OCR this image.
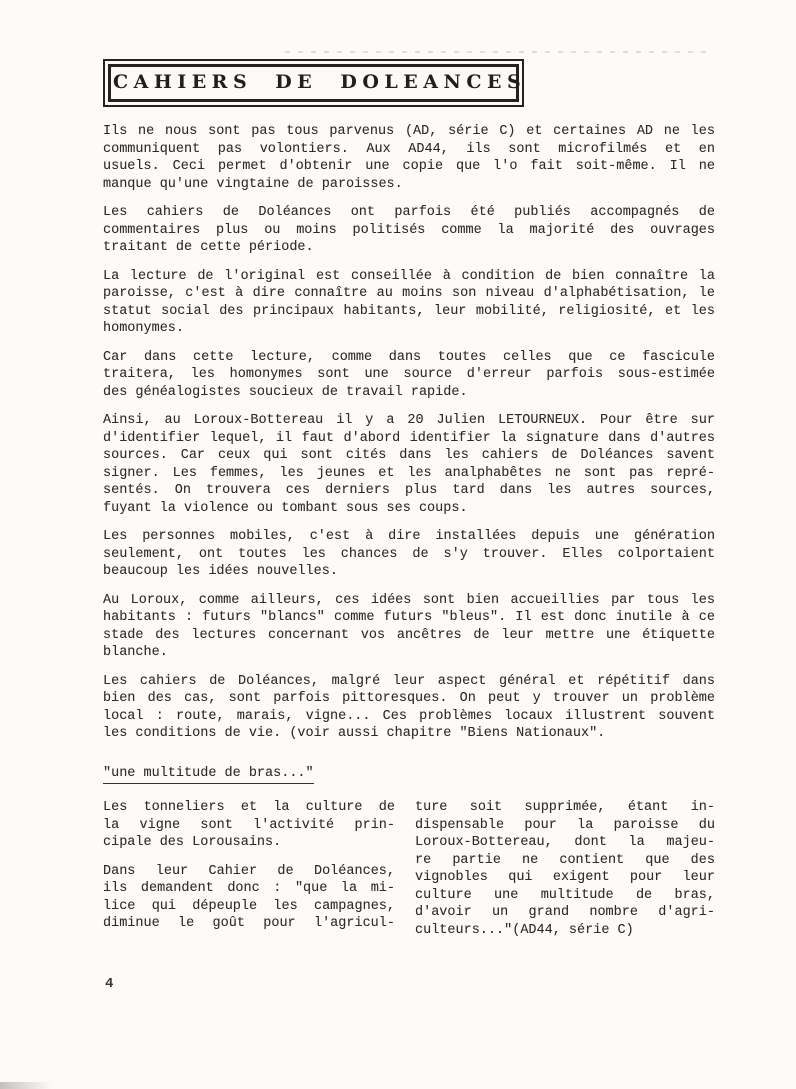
CAHIERS DE DOLEANCES
Ils ne nous sont pas tous parvenus (AD, série C) et certaines AD ne les
communiquent pas volontiers. Aux AD44, ils sont microfilmés et en
usuels. Ceci permet d'obtenir une copie que l'o fait soit-même. Il ne
manque qu'une vingtaine de paroisses.
Les cahiers de Doléances ont parfois été publiés accompagnés de
commentaires plus ou moins politisés comme la majorité des ouvrages
traitant de cette période.
La lecture de l'original est conseillée à condition de bien connaître la
paroisse, c'est à dire connaître au moins son niveau d'alphabétisation, le
statut social des principaux habitants, leur mobilité, religiosité, et les
homonymes.
Car dans cette lecture, comme dans toutes celles que ce fascicule
traitera, les homonymes sont une source d'erreur parfois sous-estimée
des généalogistes soucieux de travail rapide.
Ainsi, au Loroux-Bottereau il y a 20 Julien LETOURNEUX. Pour être sur
d'identifier lequel, il faut d'abord identifier la signature dans d'autres
sources. Car ceux qui sont cités dans les cahiers de Doléances savent
signer. Les femmes, les jeunes et les analphabêtes ne sont pas repré-
sentés. On trouvera ces derniers plus tard dans les autres sources,
fuyant la violence ou tombant sous ses coups.
Les personnes mobiles, c'est à dire installées depuis une génération
seulement, ont toutes les chances de s'y trouver. Elles colportaient
beaucoup les idées nouvelles.
Au Loroux, comme ailleurs, ces idées sont bien accueillies par tous les
habitants : futurs "blancs" comme futurs "bleus". Il est donc inutile à ce
stade des lectures concernant vos ancêtres de leur mettre une étiquette
blanche.
Les cahiers de Doléances, malgré leur aspect général et répétitif dans
bien des cas, sont parfois pittoresques. On peut y trouver un problème
local : route, marais, vigne... Ces problèmes locaux illustrent souvent
les conditions de vie. (voir aussi chapitre "Biens Nationaux".
"une multitude de bras..."
Les tonneliers et la culture de
la vigne sont l'activité prin-
cipale des Lorousains.
Dans leur Cahier de Doléances,
ils demandent donc : "que la mi-
lice qui dépeuple les campagnes,
diminue le goût pour l'agricul-
ture soit supprimée, étant in-
dispensable pour la paroisse du
Loroux-Bottereau, dont la majeu-
re partie ne contient que des
vignobles qui exigent pour leur
culture une multitude de bras,
d'avoir un grand nombre d'agri-
culteurs..."(AD44, série C)
4
